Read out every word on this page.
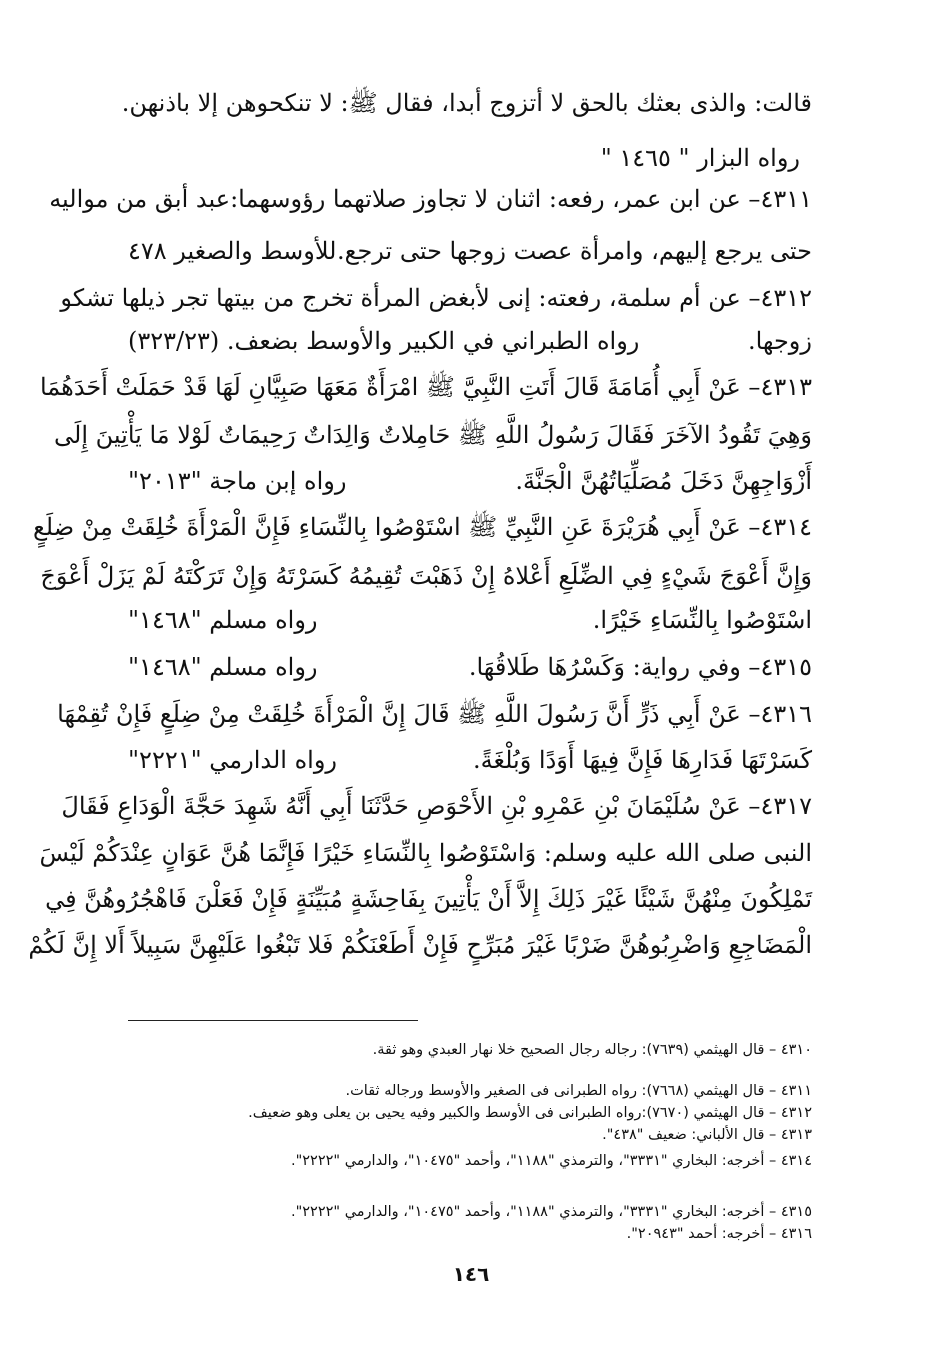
قالت: والذى بعثك بالحق لا أتزوج أبدا، فقال ﷺ: لا تنكحوهن إلا باذنهن.
رواه البزار " ١٤٦٥ "
٤٣١١– عن ابن عمر، رفعه: اثنان لا تجاوز صلاتهما رؤوسهما:عبد أبق من مواليه
حتى يرجع إليهم، وامرأة عصت زوجها حتى ترجع.
للأوسط والصغير ٤٧٨
٤٣١٢– عن أم سلمة، رفعته: إنى لأبغض المرأة تخرج من بيتها تجر ذيلها تشكو
زوجها.
رواه الطبراني في الكبير والأوسط بضعف. (٣٢٣/٢٣)
٤٣١٣– عَنْ أَبِي أُمَامَةَ قَالَ أَتَتِ النَّبِيَّ ﷺ امْرَأَةٌ مَعَهَا صَبِيَّانِ لَهَا قَدْ حَمَلَتْ أَحَدَهُمَا
وَهِيَ تَقُودُ الآخَرَ فَقَالَ رَسُولُ اللَّهِ ﷺ حَامِلاتٌ وَالِدَاتٌ رَحِيمَاتٌ لَوْلا مَا يَأْتِينَ إِلَى
أَزْوَاجِهِنَّ دَخَلَ مُصَلِّيَاتُهُنَّ الْجَنَّةَ.
رواه إبن ماجة "٢٠١٣"
٤٣١٤– عَنْ أَبِي هُرَيْرَةَ عَنِ النَّبِيِّ ﷺ اسْتَوْصُوا بِالنِّسَاءِ فَإِنَّ الْمَرْأَةَ خُلِقَتْ مِنْ ضِلَعٍ
وَإِنَّ أَعْوَجَ شَيْءٍ فِي الضِّلَعِ أَعْلاهُ إِنْ ذَهَبْتَ تُقِيمُهُ كَسَرْتَهُ وَإِنْ تَرَكْتَهُ لَمْ يَزَلْ أَعْوَجَ
اسْتَوْصُوا بِالنِّسَاءِ خَيْرًا.
رواه مسلم "١٤٦٨"
٤٣١٥– وفي رواية: وَكَسْرُهَا طَلاقُهَا.
رواه مسلم "١٤٦٨"
٤٣١٦– عَنْ أَبِي ذَرٍّ أَنَّ رَسُولَ اللَّهِ ﷺ قَالَ إِنَّ الْمَرْأَةَ خُلِقَتْ مِنْ ضِلَعٍ فَإِنْ تُقِمْهَا
كَسَرْتَهَا فَدَارِهَا فَإِنَّ فِيهَا أَوَدًا وَبُلْغَةً.
رواه الدارمي "٢٢٢١"
٤٣١٧– عَنْ سُلَيْمَانَ بْنِ عَمْرِو بْنِ الأَحْوَصِ حَدَّثَنَا أَبِي أَنَّهُ شَهِدَ حَجَّةَ الْوَدَاعِ فَقَالَ
النبى صلى الله عليه وسلم: وَاسْتَوْصُوا بِالنِّسَاءِ خَيْرًا فَإِنَّمَا هُنَّ عَوَانٍ عِنْدَكُمْ لَيْسَ
تَمْلِكُونَ مِنْهُنَّ شَيْئًا غَيْرَ ذَلِكَ إِلاَّ أَنْ يَأْتِينَ بِفَاحِشَةٍ مُبَيِّنَةٍ فَإِنْ فَعَلْنَ فَاهْجُرُوهُنَّ فِي
الْمَضَاجِعِ وَاضْرِبُوهُنَّ ضَرْبًا غَيْرَ مُبَرِّحٍ فَإِنْ أَطَعْنَكُمْ فَلا تَبْغُوا عَلَيْهِنَّ سَبِيلاً أَلا إِنَّ لَكُمْ
٤٣١٠ – قال الهيثمي (٧٦٣٩): رجاله رجال الصحيح خلا نهار العبدي وهو ثقة.
٤٣١١ – قال الهيثمي (٧٦٦٨): رواه الطبرانى فى الصغير والأوسط ورجاله ثقات.
٤٣١٢ – قال الهيثمي (٧٦٧٠):رواه الطبرانى فى الأوسط والكبير وفيه يحيى بن يعلى وهو ضعيف.
٤٣١٣ – قال الألباني: ضعيف "٤٣٨".
٤٣١٤ – أخرجه: البخاري "٣٣٣١"، والترمذي "١١٨٨"، وأحمد "١٠٤٧٥"، والدارمي "٢٢٢٢".
٤٣١٥ – أخرجه: البخاري "٣٣٣١"، والترمذي "١١٨٨"، وأحمد "١٠٤٧٥"، والدارمي "٢٢٢٢".
٤٣١٦ – أخرجه: أحمد "٢٠٩٤٣".
١٤٦
